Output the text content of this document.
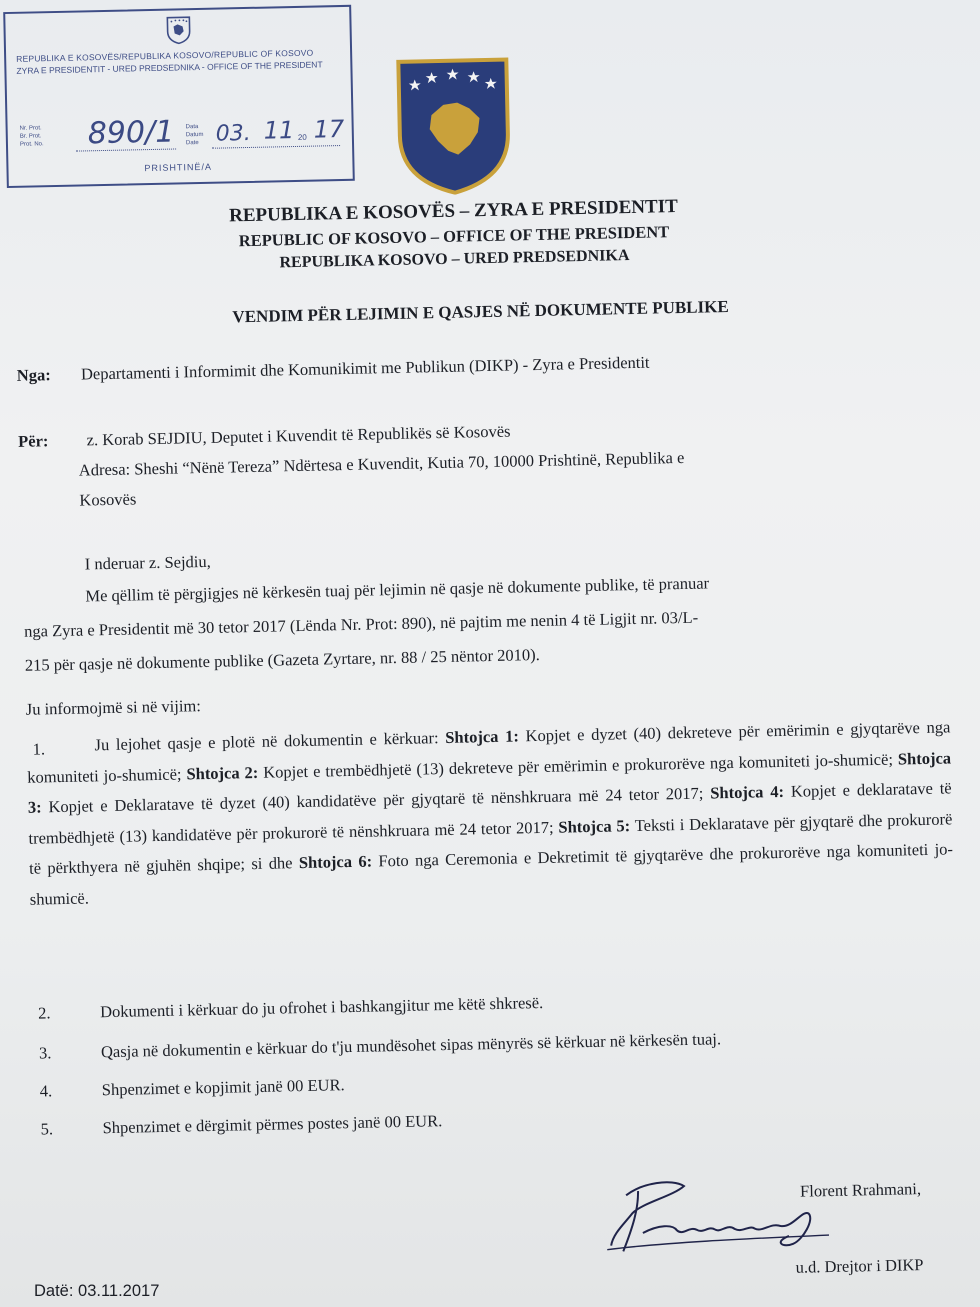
REPUBLIKA E KOSOVËS/REPUBLIKA KOSOVO/REPUBLIC OF KOSOVO
ZYRA E PRESIDENTIT - URED PREDSEDNIKA - OFFICE OF THE PRESIDENT
Nr. Prot.
Br. Prot.
Prot. No. 890/1 Data
Datum
Date 03. 11 20 17
PRISHTINË/A
REPUBLIKA E KOSOVËS – ZYRA E PRESIDENTIT
REPUBLIC OF KOSOVO – OFFICE OF THE PRESIDENT
REPUBLIKA KOSOVO – URED PREDSEDNIKA
VENDIM PËR LEJIMIN E QASJES NË DOKUMENTE PUBLIKE
Nga: Departamenti i Informimit dhe Komunikimit me Publikun (DIKP) - Zyra e Presidentit
Për: z. Korab SEJDIU, Deputet i Kuvendit të Republikës së Kosovës
Adresa: Sheshi “Nënë Tereza” Ndërtesa e Kuvendit, Kutia 70, 10000 Prishtinë, Republika e
Kosovës
I nderuar z. Sejdiu,
Me qëllim të përgjigjes në kërkesën tuaj për lejimin në qasje në dokumente publike, të pranuar
nga Zyra e Presidentit më 30 tetor 2017 (Lënda Nr. Prot: 890), në pajtim me nenin 4 të Ligjit nr. 03/L-
215 për qasje në dokumente publike (Gazeta Zyrtare, nr. 88 / 25 nëntor 2010).
Ju informojmë si në vijim:
1.	Ju lejohet qasje e plotë në dokumentin e kërkuar: Shtojca 1: Kopjet e dyzet (40) dekreteve për emërimin e gjyqtarëve nga komuniteti jo-shumicë; Shtojca 2: Kopjet e trembëdhjetë (13) dekreteve për emërimin e prokurorëve nga komuniteti jo-shumicë; Shtojca 3: Kopjet e Deklaratave të dyzet (40) kandidatëve për gjyqtarë të nënshkruara më 24 tetor 2017; Shtojca 4: Kopjet e deklaratave të trembëdhjetë (13) kandidatëve për prokurorë të nënshkruara më 24 tetor 2017; Shtojca 5: Teksti i Deklaratave për gjyqtarë dhe prokurorë të përkthyera në gjuhën shqipe; si dhe Shtojca 6: Foto nga Ceremonia e Dekretimit të gjyqtarëve dhe prokurorëve nga komuniteti jo-shumicë.
2.	Dokumenti i kërkuar do ju ofrohet i bashkangjitur me këtë shkresë.
3.	Qasja në dokumentin e kërkuar do t'ju mundësohet sipas mënyrës së kërkuar në kërkesën tuaj.
4.	Shpenzimet e kopjimit janë 00 EUR.
5.	Shpenzimet e dërgimit përmes postes janë 00 EUR.
Florent Rrahmani,
u.d. Drejtor i DIKP
Datë: 03.11.2017
